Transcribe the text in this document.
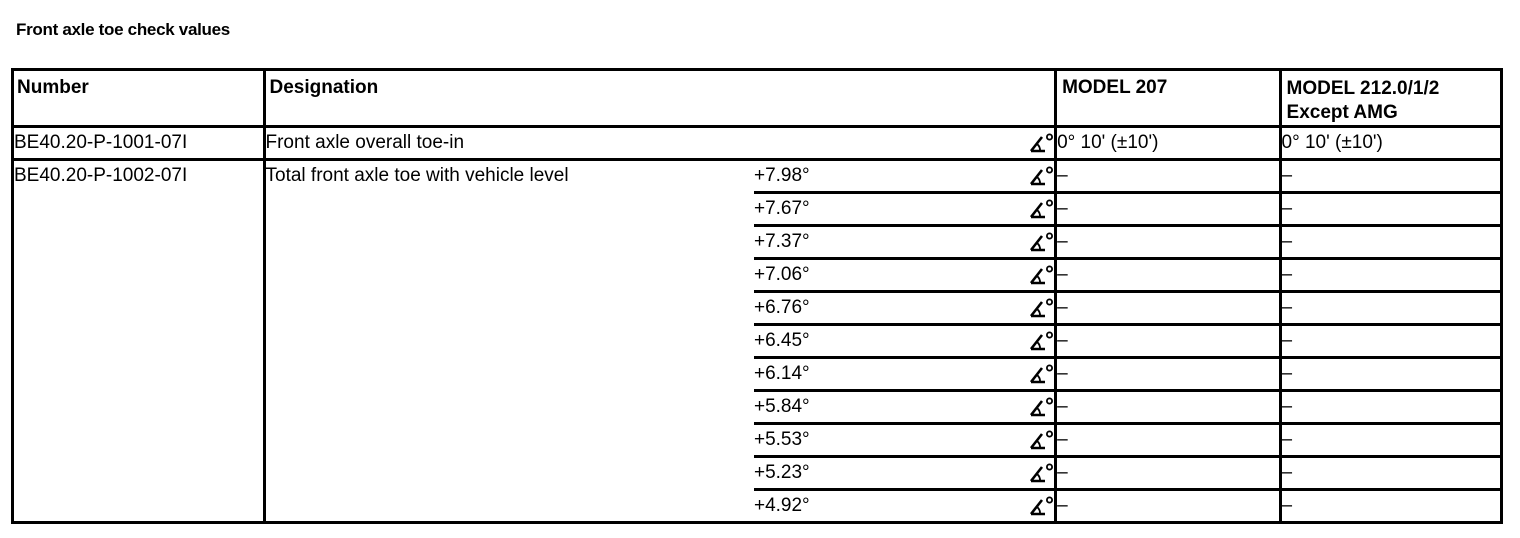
Front axle toe check values
Number	Designation			MODEL 207	MODEL 212.0/1/2 Except AMG
BE40.20-P-1001-07I	Front axle overall toe-in			0° 10' (±10')	0° 10' (±10')
BE40.20-P-1002-07I	Total front axle toe with vehicle level	+7.98°		–	–
		+7.67°		–	–
		+7.37°		–	–
		+7.06°		–	–
		+6.76°		–	–
		+6.45°		–	–
		+6.14°		–	–
		+5.84°		–	–
		+5.53°		–	–
		+5.23°		–	–
		+4.92°		–	–
